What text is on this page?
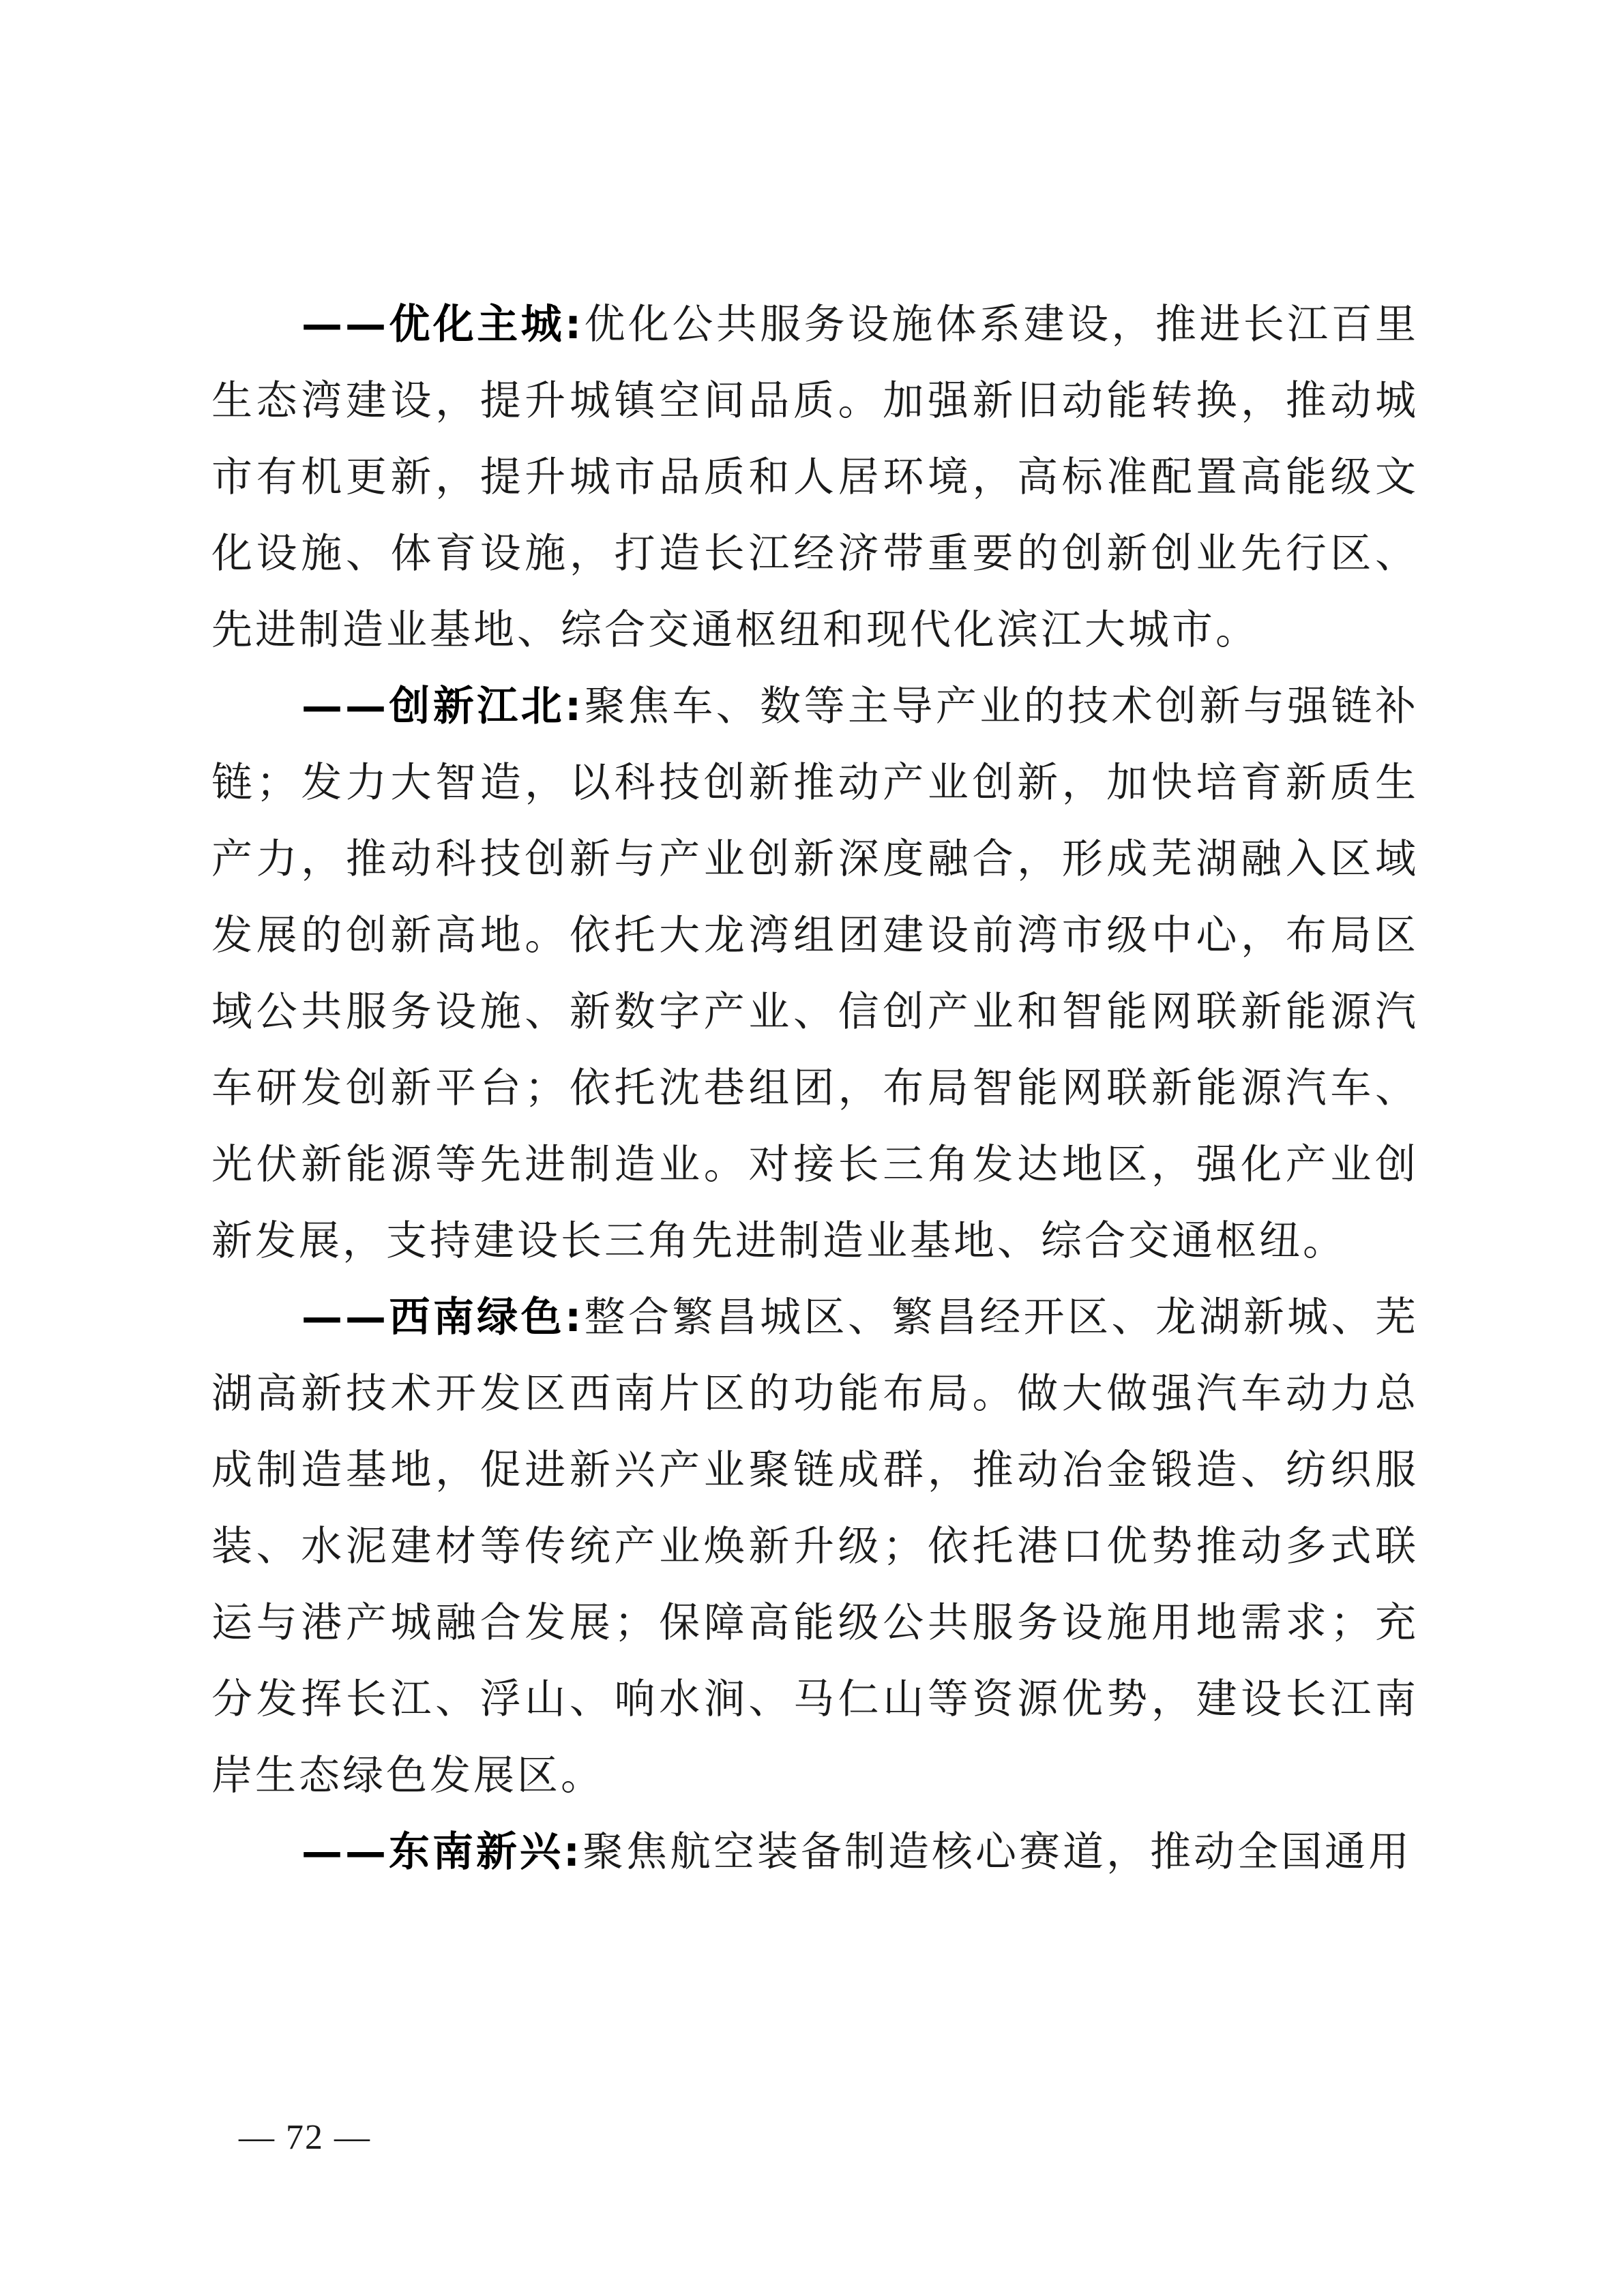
——优化主城:优化公共服务设施体系建设，推进长江百里生态湾建设，提升城镇空间品质。加强新旧动能转换，推动城市有机更新，提升城市品质和人居环境，高标准配置高能级文化设施、体育设施，打造长江经济带重要的创新创业先行区、先进制造业基地、综合交通枢纽和现代化滨江大城市。

——创新江北:聚焦车、数等主导产业的技术创新与强链补链；发力大智造，以科技创新推动产业创新，加快培育新质生产力，推动科技创新与产业创新深度融合，形成芜湖融入区域发展的创新高地。依托大龙湾组团建设前湾市级中心，布局区域公共服务设施、新数字产业、信创产业和智能网联新能源汽车研发创新平台；依托沈巷组团，布局智能网联新能源汽车、光伏新能源等先进制造业。对接长三角发达地区，强化产业创新发展，支持建设长三角先进制造业基地、综合交通枢纽。

——西南绿色:整合繁昌城区、繁昌经开区、龙湖新城、芜湖高新技术开发区西南片区的功能布局。做大做强汽车动力总成制造基地，促进新兴产业聚链成群，推动冶金锻造、纺织服装、水泥建材等传统产业焕新升级；依托港口优势推动多式联运与港产城融合发展；保障高能级公共服务设施用地需求；充分发挥长江、浮山、响水涧、马仁山等资源优势，建设长江南岸生态绿色发展区。

——东南新兴:聚焦航空装备制造核心赛道，推动全国通用

— 72 —
